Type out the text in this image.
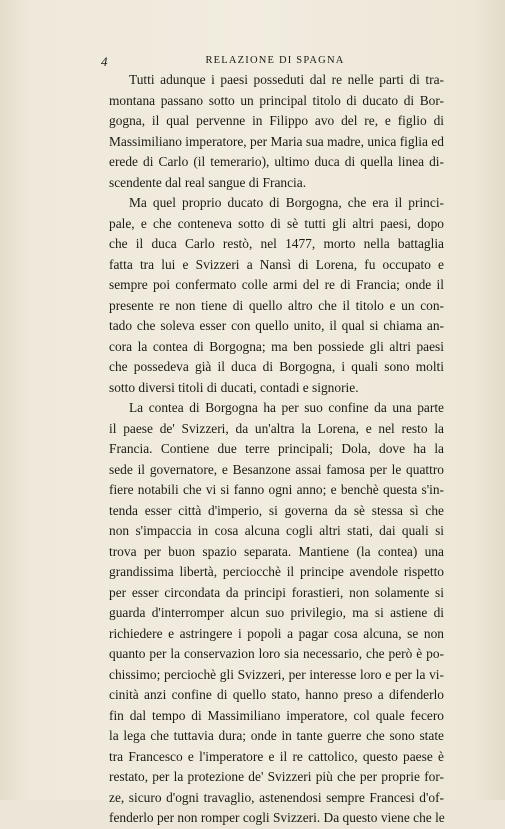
4	RELAZIONE DI SPAGNA
Tutti adunque i paesi posseduti dal re nelle parti di tra-
montana passano sotto un principal titolo di ducato di Bor-
gogna, il qual pervenne in Filippo avo del re, e figlio di
Massimiliano imperatore, per Maria sua madre, unica figlia ed
erede di Carlo (il temerario), ultimo duca di quella linea di-
scendente dal real sangue di Francia.
Ma quel proprio ducato di Borgogna, che era il princi-
pale, e che conteneva sotto di sè tutti gli altri paesi, dopo
che il duca Carlo restò, nel 1477, morto nella battaglia
fatta tra lui e Svizzeri a Nansì di Lorena, fu occupato e
sempre poi confermato colle armi del re di Francia; onde il
presente re non tiene di quello altro che il titolo e un con-
tado che soleva esser con quello unito, il qual si chiama an-
cora la contea di Borgogna; ma ben possiede gli altri paesi
che possedeva già il duca di Borgogna, i quali sono molti
sotto diversi titoli di ducati, contadi e signorie.
La contea di Borgogna ha per suo confine da una parte
il paese de' Svizzeri, da un'altra la Lorena, e nel resto la
Francia. Contiene due terre principali; Dola, dove ha la
sede il governatore, e Besanzone assai famosa per le quattro
fiere notabili che vi si fanno ogni anno; e benchè questa s'in-
tenda esser città d'imperio, si governa da sè stessa sì che
non s'impaccia in cosa alcuna cogli altri stati, dai quali si
trova per buon spazio separata. Mantiene (la contea) una
grandissima libertà, perciocchè il principe avendole rispetto
per esser circondata da principi forastieri, non solamente si
guarda d'interromper alcun suo privilegio, ma si astiene di
richiedere e astringere i popoli a pagar cosa alcuna, se non
quanto per la conservazion loro sia necessario, che però è po-
chissimo; perciochè gli Svizzeri, per interesse loro e per la vi-
cinità anzi confine di quello stato, hanno preso a difenderlo
fin dal tempo di Massimiliano imperatore, col quale fecero
la lega che tuttavia dura; onde in tante guerre che sono state
tra Francesco e l'imperatore e il re cattolico, questo paese è
restato, per la protezione de' Svizzeri più che per proprie for-
ze, sicuro d'ogni travaglio, astenendosi sempre Francesi d'of-
fenderlo per non romper cogli Svizzeri. Da questo viene che le
